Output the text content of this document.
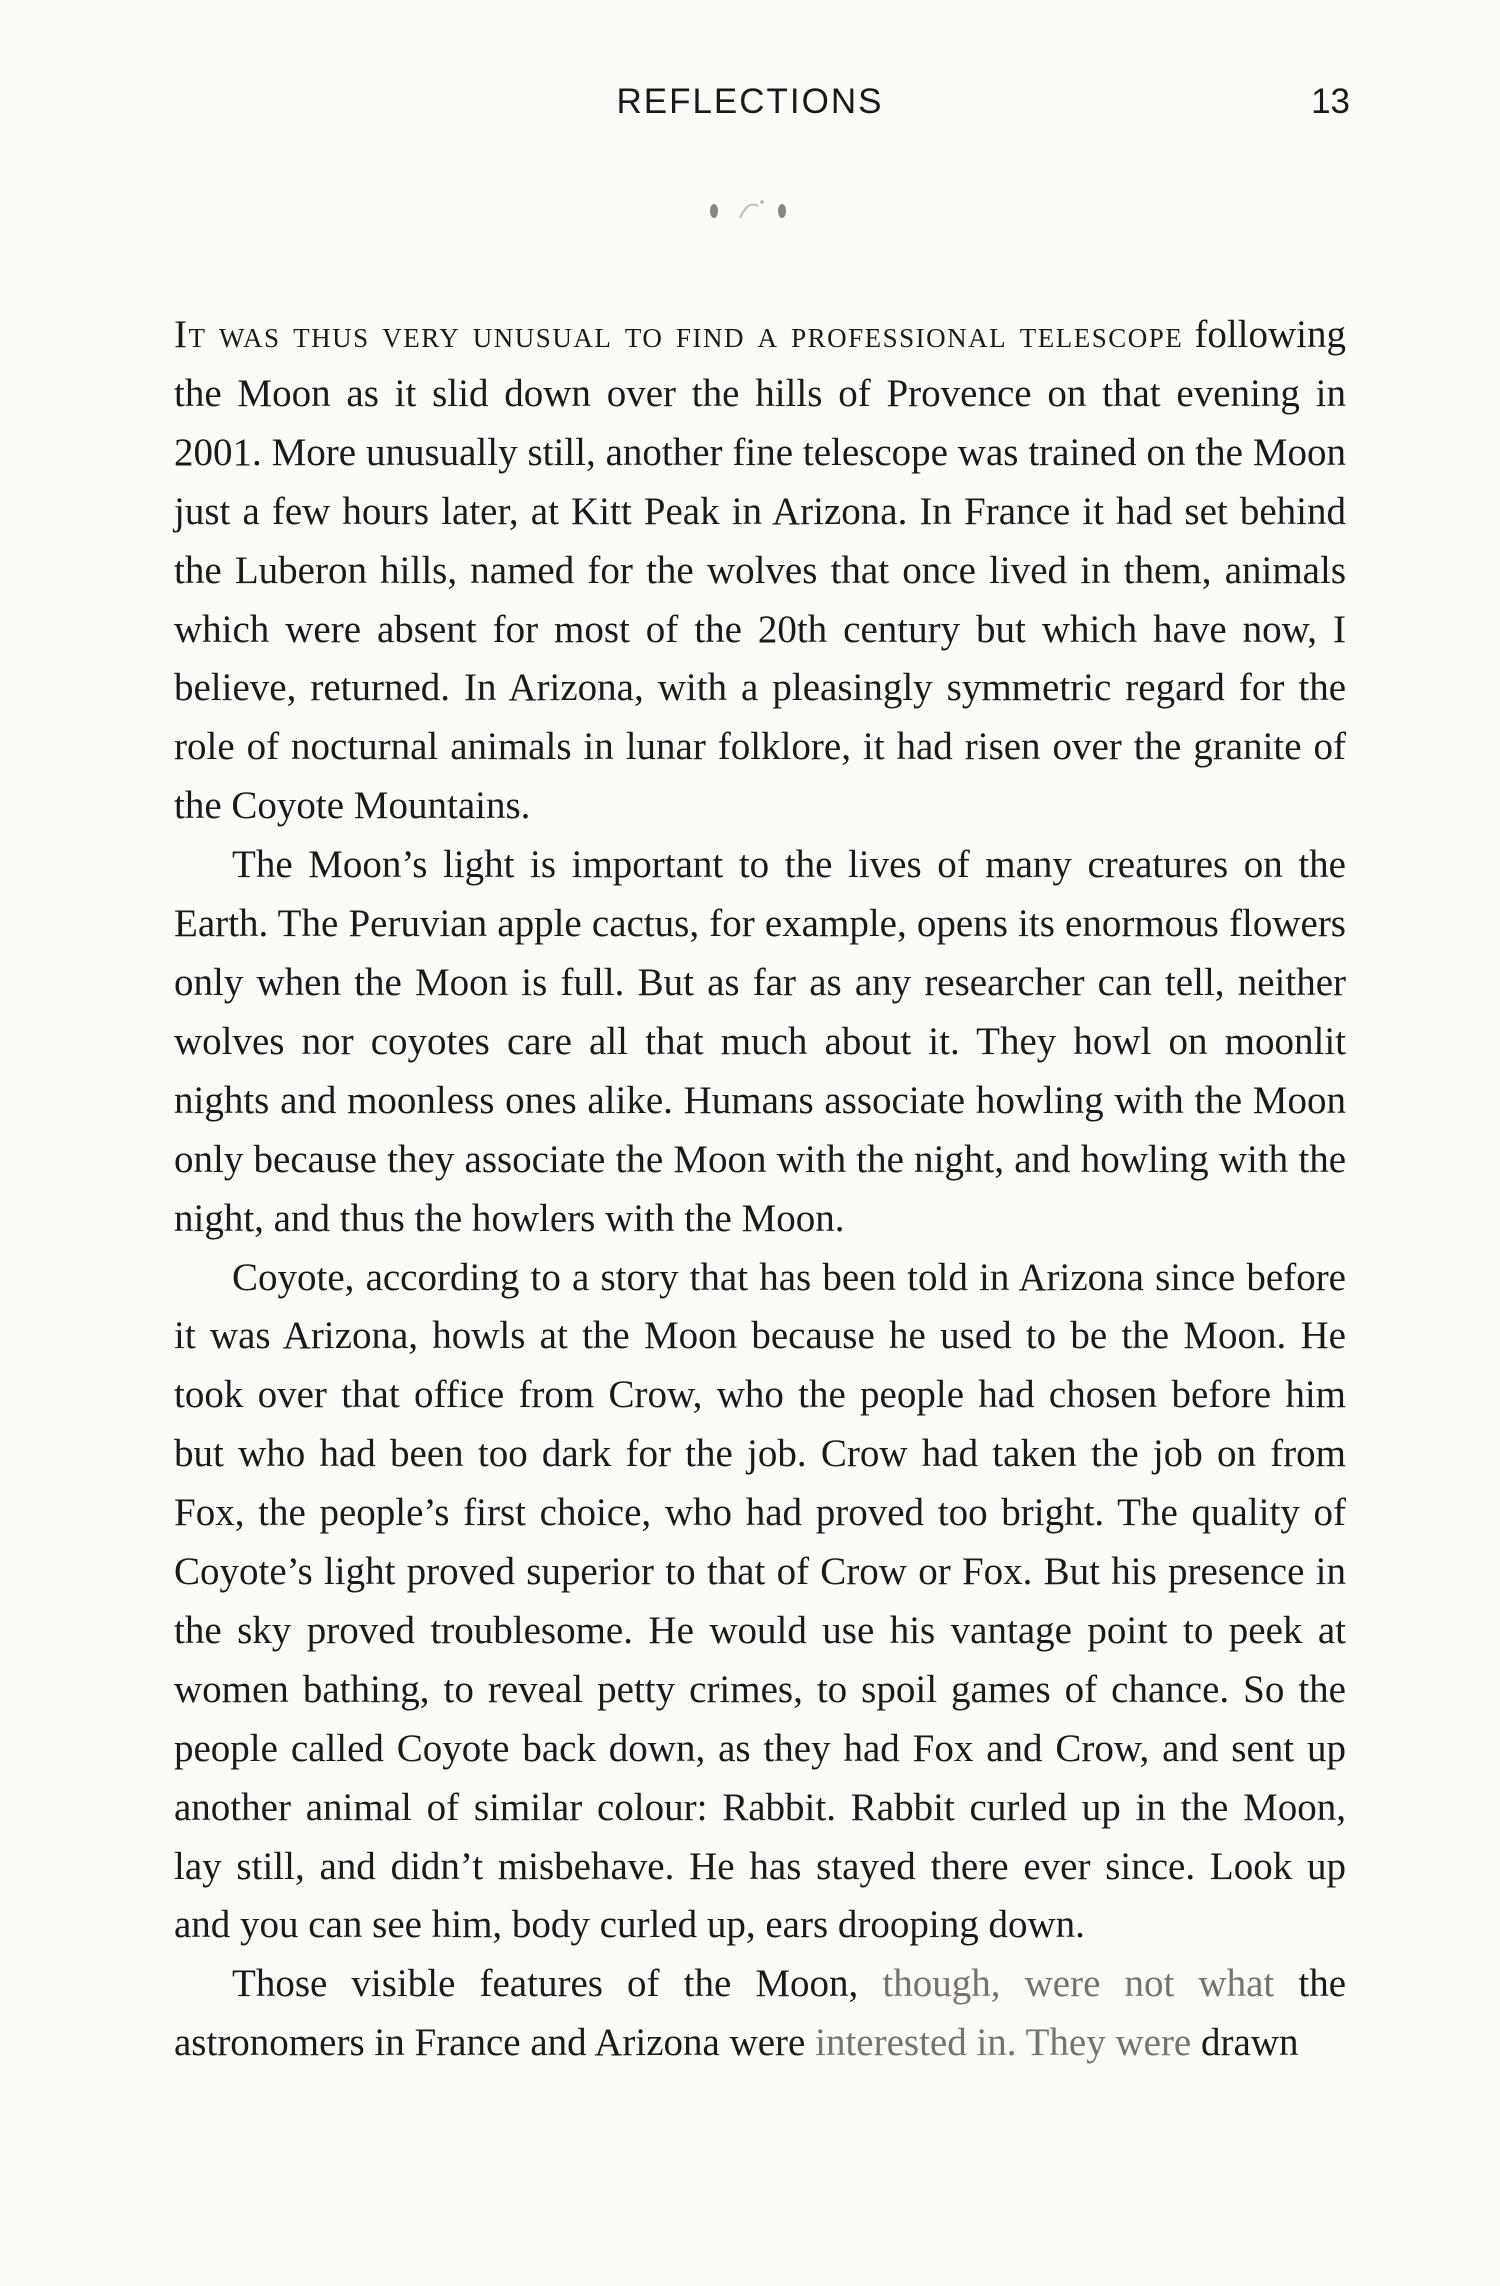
REFLECTIONS	13

It was thus very unusual to find a professional telescope following the Moon as it slid down over the hills of Provence on that evening in 2001. More unusually still, another fine telescope was trained on the Moon just a few hours later, at Kitt Peak in Arizona. In France it had set behind the Luberon hills, named for the wolves that once lived in them, animals which were absent for most of the 20th century but which have now, I believe, returned. In Arizona, with a pleasingly symmetric regard for the role of nocturnal animals in lunar folklore, it had risen over the granite of the Coyote Mountains.

The Moon’s light is important to the lives of many creatures on the Earth. The Peruvian apple cactus, for example, opens its enormous flowers only when the Moon is full. But as far as any researcher can tell, neither wolves nor coyotes care all that much about it. They howl on moonlit nights and moonless ones alike. Humans associate howling with the Moon only because they associate the Moon with the night, and howling with the night, and thus the howlers with the Moon.

Coyote, according to a story that has been told in Arizona since before it was Arizona, howls at the Moon because he used to be the Moon. He took over that office from Crow, who the people had chosen before him but who had been too dark for the job. Crow had taken the job on from Fox, the people’s first choice, who had proved too bright. The quality of Coyote’s light proved superior to that of Crow or Fox. But his presence in the sky proved troublesome. He would use his vantage point to peek at women bathing, to reveal petty crimes, to spoil games of chance. So the people called Coyote back down, as they had Fox and Crow, and sent up another animal of similar colour: Rabbit. Rabbit curled up in the Moon, lay still, and didn’t misbehave. He has stayed there ever since. Look up and you can see him, body curled up, ears drooping down.

Those visible features of the Moon, though, were not what the astronomers in France and Arizona were interested in. They were drawn
